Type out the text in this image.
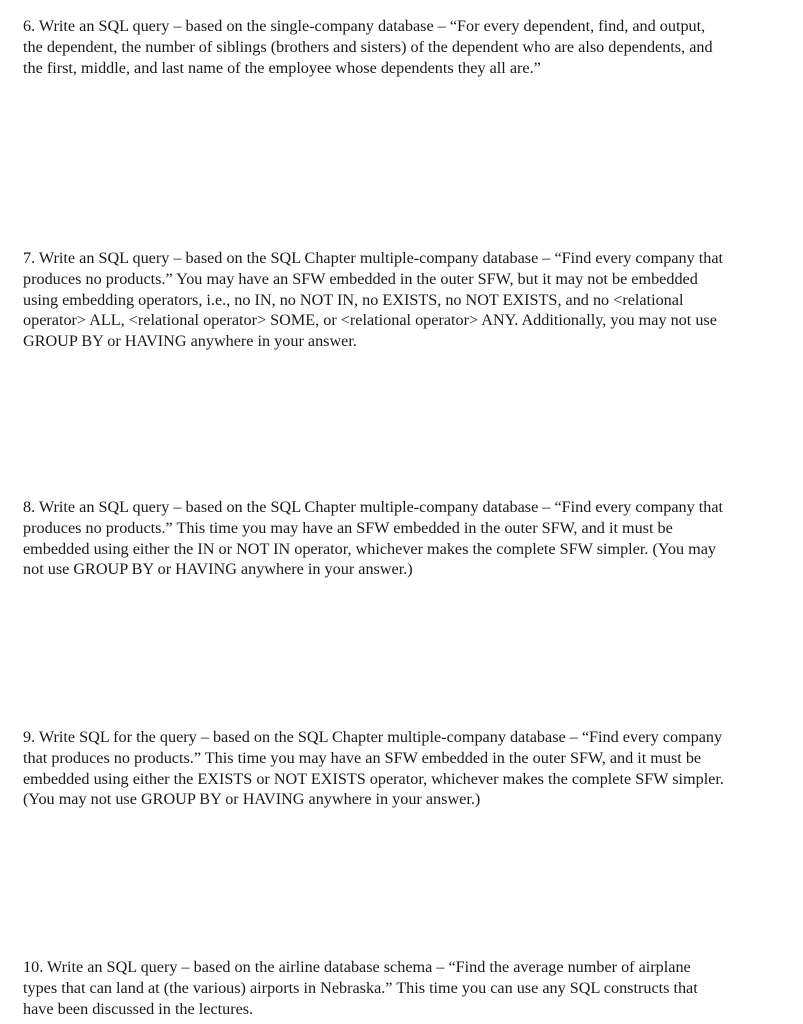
6. Write an SQL query – based on the single-company database – “For every dependent, find, and output, the dependent, the number of siblings (brothers and sisters) of the dependent who are also dependents, and the first, middle, and last name of the employee whose dependents they all are.”

7. Write an SQL query – based on the SQL Chapter multiple-company database – “Find every company that produces no products.” You may have an SFW embedded in the outer SFW, but it may not be embedded using embedding operators, i.e., no IN, no NOT IN, no EXISTS, no NOT EXISTS, and no <relational operator> ALL, <relational operator> SOME, or <relational operator> ANY. Additionally, you may not use GROUP BY or HAVING anywhere in your answer.

8. Write an SQL query – based on the SQL Chapter multiple-company database – “Find every company that produces no products.” This time you may have an SFW embedded in the outer SFW, and it must be embedded using either the IN or NOT IN operator, whichever makes the complete SFW simpler. (You may not use GROUP BY or HAVING anywhere in your answer.)

9. Write SQL for the query – based on the SQL Chapter multiple-company database – “Find every company that produces no products.” This time you may have an SFW embedded in the outer SFW, and it must be embedded using either the EXISTS or NOT EXISTS operator, whichever makes the complete SFW simpler. (You may not use GROUP BY or HAVING anywhere in your answer.)

10. Write an SQL query – based on the airline database schema – “Find the average number of airplane types that can land at (the various) airports in Nebraska.” This time you can use any SQL constructs that have been discussed in the lectures.
